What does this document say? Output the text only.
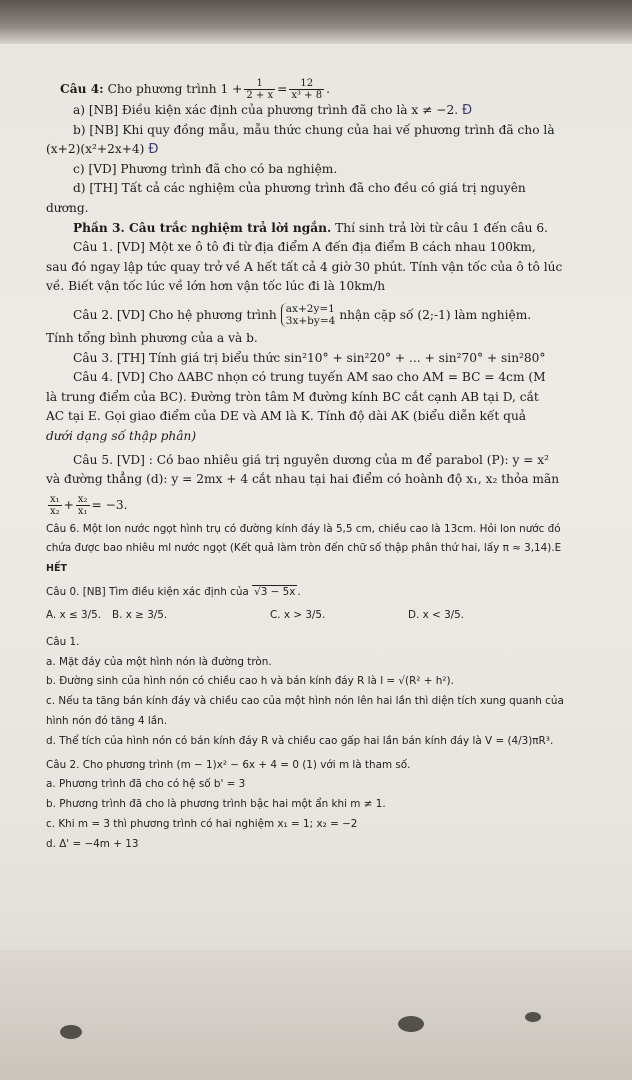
Câu 4: Cho phương trình $1 + \frac{1}{2 + x} = \frac{12}{\text{x³ + 8}}$ .
a) [NB] Điều kiện xác định của phương trình đã cho là x ≠ −2. Đ
b) [NB] Khi quy đồng mẫu, mẫu thức chung của hai vế phương trình đã cho là
(x+2)(x²+2x+4) Đ
c) [VD] Phương trình đã cho có ba nghiệm.
d) [TH] Tất cả các nghiệm của phương trình đã cho đều có giá trị nguyên
dương.
Phần 3. Câu trắc nghiệm trả lời ngắn. Thí sinh trả lời từ câu 1 đến câu 6.
Câu 1. [VD] Một xe ô tô đi từ địa điểm A đến địa điểm B cách nhau 100km,
sau đó ngay lập tức quay trở về A hết tất cả 4 giờ 30 phút. Tính vận tốc của ô tô lúc
về. Biết vận tốc lúc về lớn hơn vận tốc lúc đi là 10km/h
Câu 2. [VD] Cho hệ phương trình ax+2y=1
3x+by=4 nhận cặp số (2;-1) làm nghiệm.
Tính tổng bình phương của a và b.
Câu 3. [TH] Tính giá trị biểu thức sin²10° + sin²20° + ... + sin²70° + sin²80°
Câu 4. [VD] Cho ΔABC nhọn có trung tuyến AM sao cho AM = BC = 4cm (M
là trung điểm của BC). Đường tròn tâm M đường kính BC cắt cạnh AB tại D, cắt
AC tại E. Gọi giao điểm của DE và AM là K. Tính độ dài AK (biểu diễn kết quả
dưới dạng số thập phân)
Câu 5. [VD] : Có bao nhiêu giá trị nguyên dương của m để parabol (P): y = x²
và đường thẳng (d): y = 2mx + 4 cắt nhau tại hai điểm có hoành độ x₁, x₂ thỏa mãn
$\frac{\text{x₁}}{\text{x₂}} + \frac{\text{x₂}}{\text{x₁}} = -3$.
Câu 6. Một lon nước ngọt hình trụ có đường kính đáy là 5,5 cm, chiều cao là 13cm. Hỏi lon nước đó
chứa được bao nhiêu ml nước ngọt (Kết quả làm tròn đến chữ số thập phân thứ hai, lấy π ≈ 3,14).E
HẾT
Câu 0. [NB] Tìm điều kiện xác định của √3 − 5x .
A. x ≤ 3/5. B. x ≥ 3/5.	C. x > 3/5.	D. x < 3/5.
Câu 1.
a. Mặt đáy của một hình nón là đường tròn.
b. Đường sinh của hình nón có chiều cao h và bán kính đáy R là l = √(R² + h²).
c. Nếu ta tăng bán kính đáy và chiều cao của một hình nón lên hai lần thì diện tích xung quanh của
hình nón đó tăng 4 lần.
d. Thể tích của hình nón có bán kính đáy R và chiều cao gấp hai lần bán kính đáy là V = (4/3)πR³.
Câu 2. Cho phương trình (m − 1)x² − 6x + 4 = 0 (1) với m là tham số.
a. Phương trình đã cho có hệ số b' = 3
b. Phương trình đã cho là phương trình bậc hai một ẩn khi m ≠ 1.
c. Khi m = 3 thì phương trình có hai nghiệm x₁ = 1; x₂ = −2
d. Δ' = −4m + 13
